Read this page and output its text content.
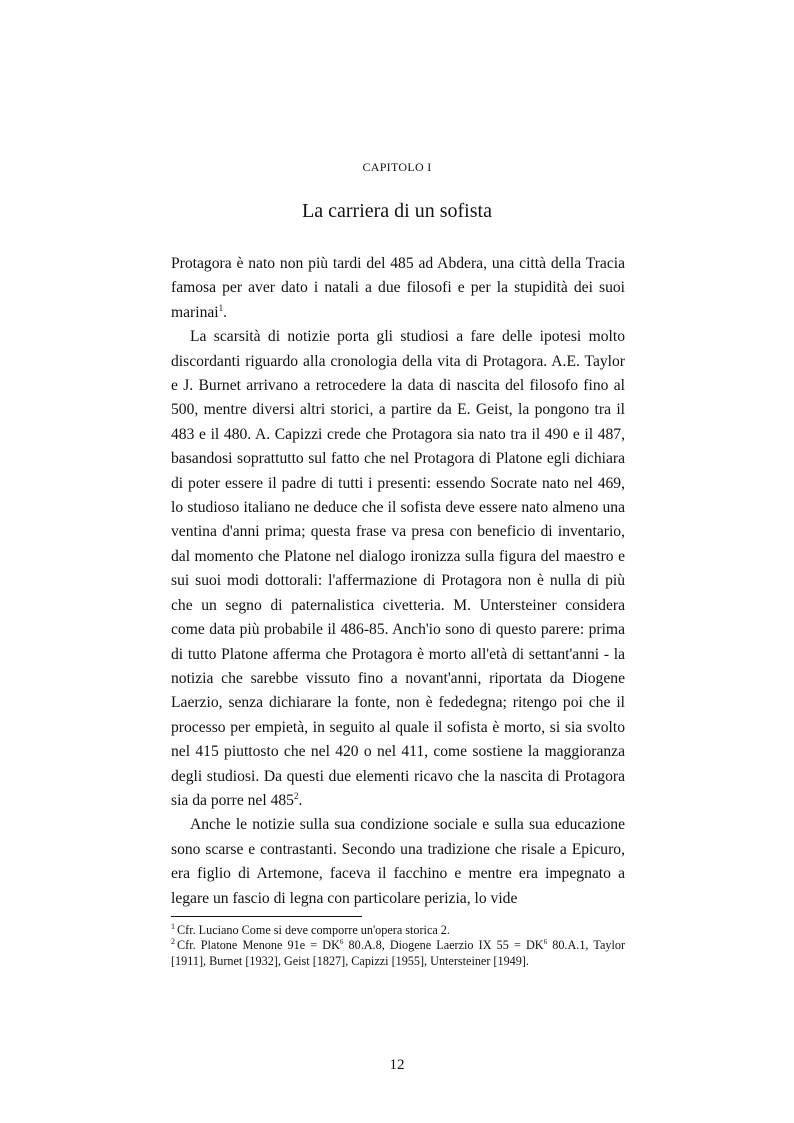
CAPITOLO I
La carriera di un sofista

Protagora è nato non più tardi del 485 ad Abdera, una città della Tracia famosa per aver dato i natali a due filosofi e per la stupidità dei suoi marinai$^1$.

La scarsità di notizie porta gli studiosi a fare delle ipotesi molto discordanti riguardo alla cronologia della vita di Protagora. A.E. Taylor e J. Burnet arrivano a retrocedere la data di nascita del filosofo fino al 500, mentre diversi altri storici, a partire da E. Geist, la pongono tra il 483 e il 480. A. Capizzi crede che Protagora sia nato tra il 490 e il 487, basandosi soprattutto sul fatto che nel Protagora di Platone egli dichiara di poter essere il padre di tutti i presenti: essendo Socrate nato nel 469, lo studioso italiano ne deduce che il sofista deve essere nato almeno una ventina d'anni prima; questa frase va presa con beneficio di inventario, dal momento che Platone nel dialogo ironizza sulla figura del maestro e sui suoi modi dottorali: l'affermazione di Protagora non è nulla di più che un segno di paternalistica civetteria. M. Untersteiner considera come data più probabile il 486-85. Anch'io sono di questo parere: prima di tutto Platone afferma che Protagora è morto all'età di settant'anni - la notizia che sarebbe vissuto fino a novant'anni, riportata da Diogene Laerzio, senza dichiarare la fonte, non è fededegna; ritengo poi che il processo per empietà, in seguito al quale il sofista è morto, si sia svolto nel 415 piuttosto che nel 420 o nel 411, come sostiene la maggioranza degli studiosi. Da questi due elementi ricavo che la nascita di Protagora sia da porre nel 485$^2$.

Anche le notizie sulla sua condizione sociale e sulla sua educazione sono scarse e contrastanti. Secondo una tradizione che risale a Epicuro, era figlio di Artemone, faceva il facchino e mentre era impegnato a legare un fascio di legna con particolare perizia, lo vide

$^1$ Cfr. Luciano Come si deve comporre un'opera storica 2.

$^2$ Cfr. Platone Menone $91e = DK^6$ 80.A.8, Diogene Laerzio IX $55 = DK^6$ 80.A.1, Taylor [1911], Burnet [1932], Geist [1827], Capizzi [1955], Untersteiner [1949].

12
